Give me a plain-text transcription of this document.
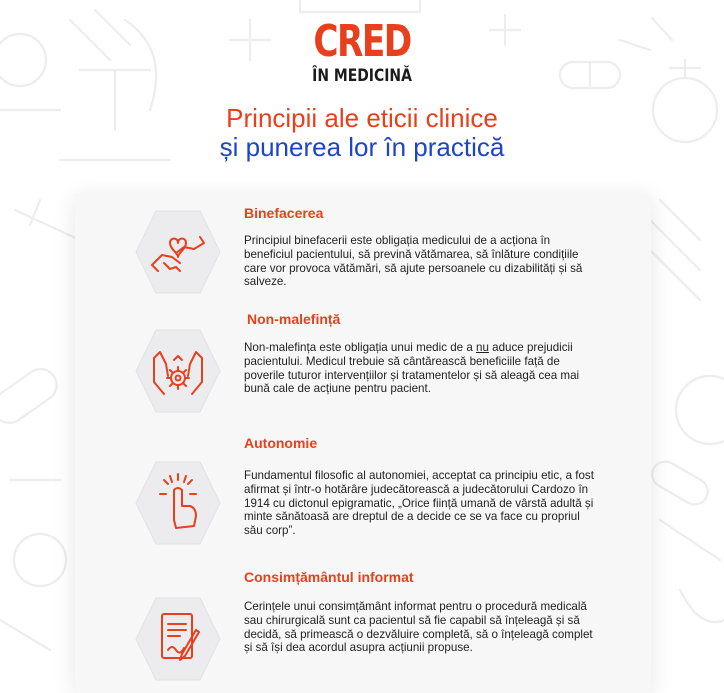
CRED
ÎN MEDICINĂ
Principii ale eticii clinice
și punerea lor în practică
Binefacerea
Principiul binefacerii este obligația medicului de a acționa în beneficiul pacientului, să prevină vătămarea, să înlăture condițiile care vor provoca vătămări, să ajute persoanele cu dizabilități și să salveze.
Non-malefință
Non-malefința este obligația unui medic de a nu aduce prejudicii pacientului. Medicul trebuie să cântărească beneficiile față de poverile tuturor intervențiilor și tratamentelor și să aleagă cea mai bună cale de acțiune pentru pacient.
Autonomie
Fundamentul filosofic al autonomiei, acceptat ca principiu etic, a fost afirmat și într-o hotărâre judecătorească a judecătorului Cardozo în 1914 cu dictonul epigramatic, „Orice ființă umană de vârstă adultă și minte sănătoasă are dreptul de a decide ce se va face cu propriul său corp”.
Consimțământul informat
Cerințele unui consimțământ informat pentru o procedură medicală sau chirurgicală sunt ca pacientul să fie capabil să înțeleagă și să decidă, să primească o dezvăluire completă, să o înțeleagă complet și să își dea acordul asupra acțiunii propuse.
